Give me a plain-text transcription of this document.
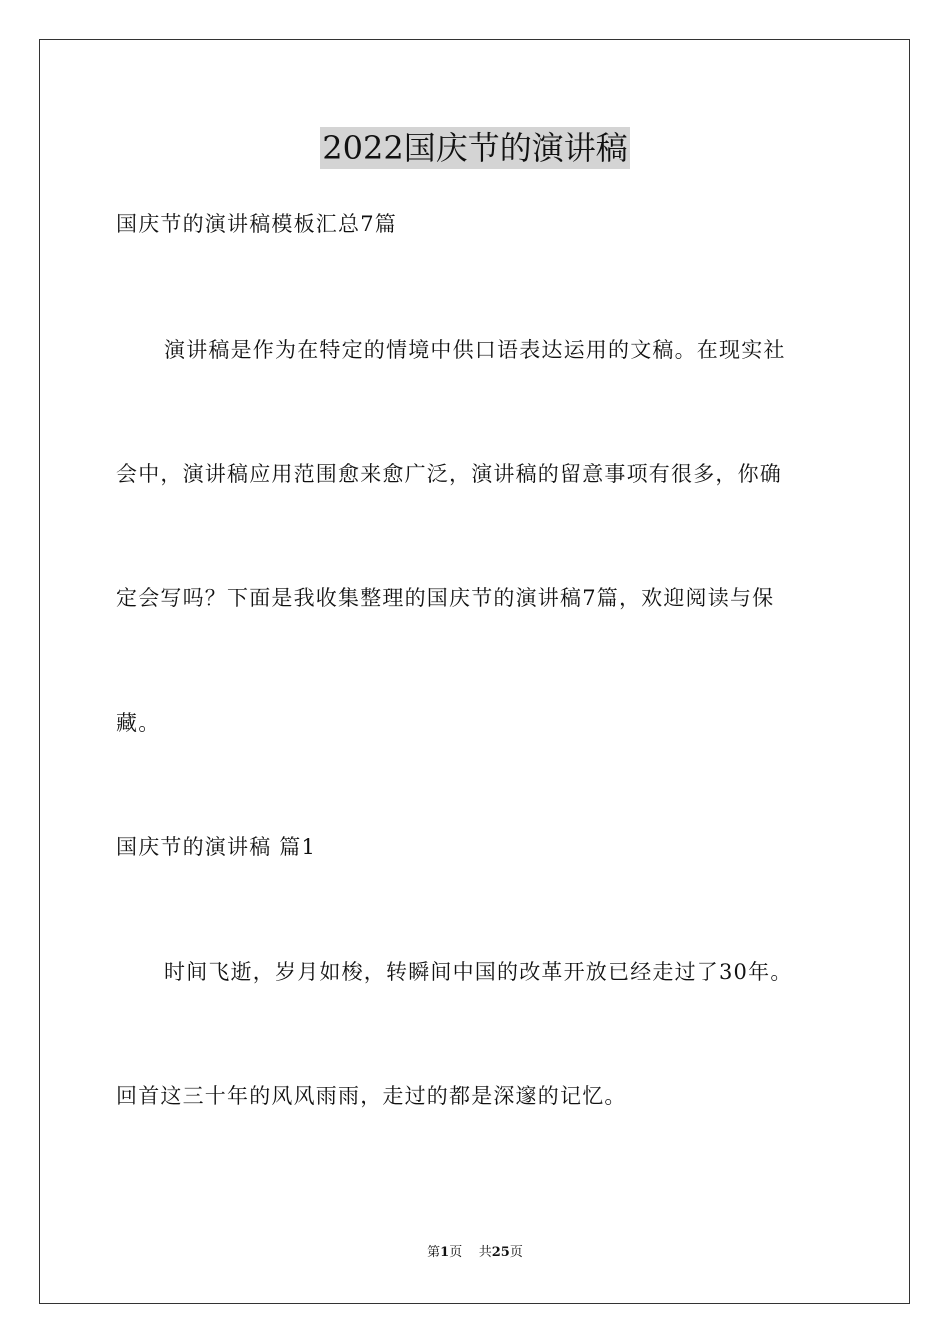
2022国庆节的演讲稿
国庆节的演讲稿模板汇总7篇
演讲稿是作为在特定的情境中供口语表达运用的文稿。在现实社
会中，演讲稿应用范围愈来愈广泛，演讲稿的留意事项有很多，你确
定会写吗？下面是我收集整理的国庆节的演讲稿7篇，欢迎阅读与保
藏。
国庆节的演讲稿 篇1
时间飞逝，岁月如梭，转瞬间中国的改革开放已经走过了30年。
回首这三十年的风风雨雨，走过的都是深邃的记忆。
第1页 共25页
